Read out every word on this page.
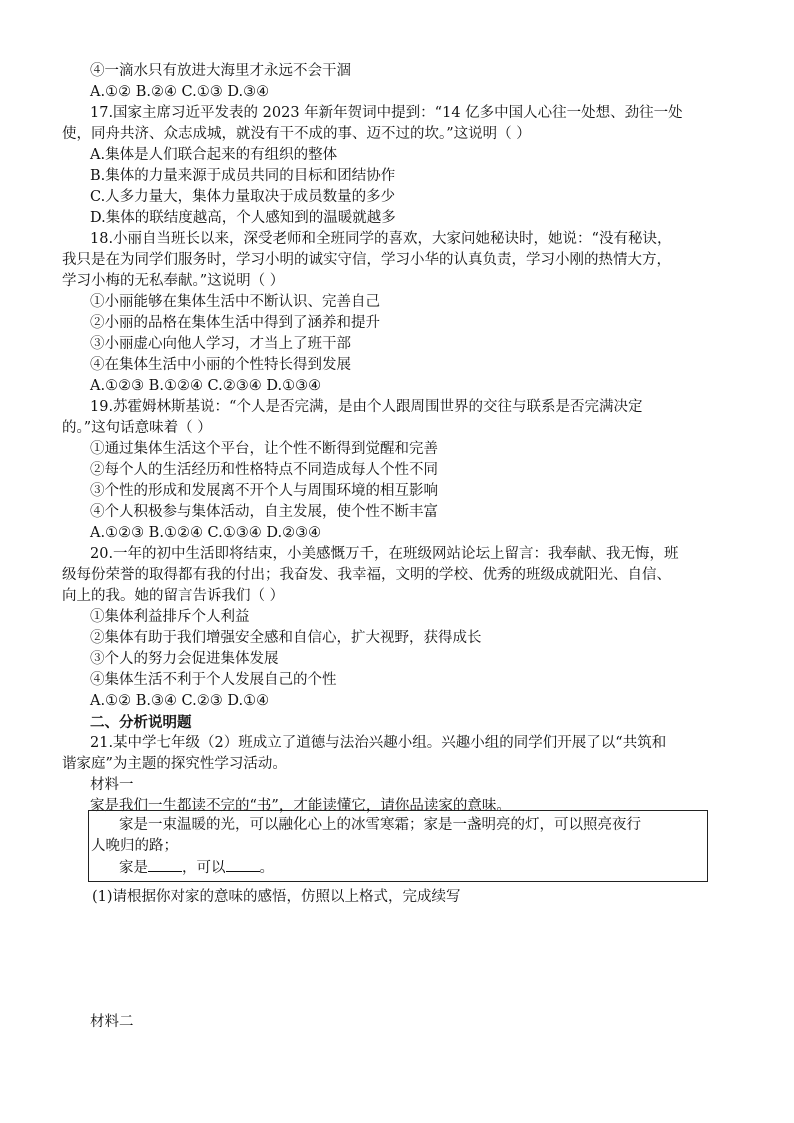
④一滴水只有放进大海里才永远不会干涸
A.①② B.②④ C.①③ D.③④
17.国家主席习近平发表的 2023 年新年贺词中提到：“14 亿多中国人心往一处想、劲往一处
使，同舟共济、众志成城，就没有干不成的事、迈不过的坎。”这说明（ ）
A.集体是人们联合起来的有组织的整体
B.集体的力量来源于成员共同的目标和团结协作
C.人多力量大，集体力量取决于成员数量的多少
D.集体的联结度越高，个人感知到的温暖就越多
18.小丽自当班长以来，深受老师和全班同学的喜欢，大家问她秘诀时，她说：“没有秘诀，
我只是在为同学们服务时，学习小明的诚实守信，学习小华的认真负责，学习小刚的热情大方，
学习小梅的无私奉献。”这说明（ ）
①小丽能够在集体生活中不断认识、完善自己
②小丽的品格在集体生活中得到了涵养和提升
③小丽虚心向他人学习，才当上了班干部
④在集体生活中小丽的个性特长得到发展
A.①②③ B.①②④ C.②③④ D.①③④
19.苏霍姆林斯基说：“个人是否完满，是由个人跟周围世界的交往与联系是否完满决定
的。”这句话意味着（ ）
①通过集体生活这个平台，让个性不断得到觉醒和完善
②每个人的生活经历和性格特点不同造成每人个性不同
③个性的形成和发展离不开个人与周围环境的相互影响
④个人积极参与集体活动，自主发展，使个性不断丰富
A.①②③ B.①②④ C.①③④ D.②③④
20.一年的初中生活即将结束，小美感慨万千，在班级网站论坛上留言：我奉献、我无悔，班
级每份荣誉的取得都有我的付出；我奋发、我幸福，文明的学校、优秀的班级成就阳光、自信、
向上的我。她的留言告诉我们（ ）
①集体利益排斥个人利益
②集体有助于我们增强安全感和自信心，扩大视野，获得成长
③个人的努力会促进集体发展
④集体生活不利于个人发展自己的个性
A.①② B.③④ C.②③ D.①④
二、分析说明题
21.某中学七年级（2）班成立了道德与法治兴趣小组。兴趣小组的同学们开展了以“共筑和
谐家庭”为主题的探究性学习活动。
材料一
家是我们一生都读不完的“书”，才能读懂它，请你品读家的意味。
家是一束温暖的光，可以融化心上的冰雪寒霜；家是一盏明亮的灯，可以照亮夜行
人晚归的路；
家是 ，可以 。
(1)请根据你对家的意味的感悟，仿照以上格式，完成续写
材料二
